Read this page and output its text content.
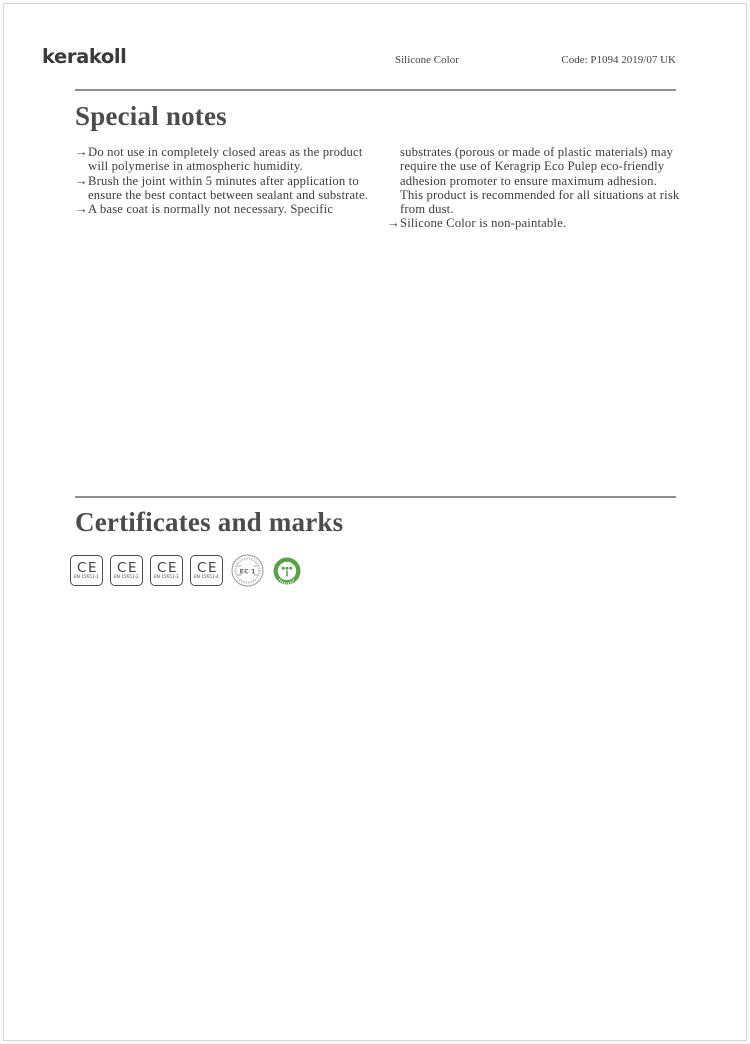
kerakoll	Silicone Color	Code: P1094 2019/07 UK
Special notes
→ Do not use in completely closed areas as the product will polymerise in atmospheric humidity.
→ Brush the joint within 5 minutes after application to ensure the best contact between sealant and substrate.
→ A base coat is normally not necessary. Specific
substrates (porous or made of plastic materials) may require the use of Keragrip Eco Pulep eco-friendly adhesion promoter to ensure maximum adhesion. This product is recommended for all situations at risk from dust.
→ Silicone Color is non-paintable.
Certificates and marks
CE
EN 15651-1
CE
EN 15651-2
CE
EN 15651-3
CE
EN 15651-4
EC 1
